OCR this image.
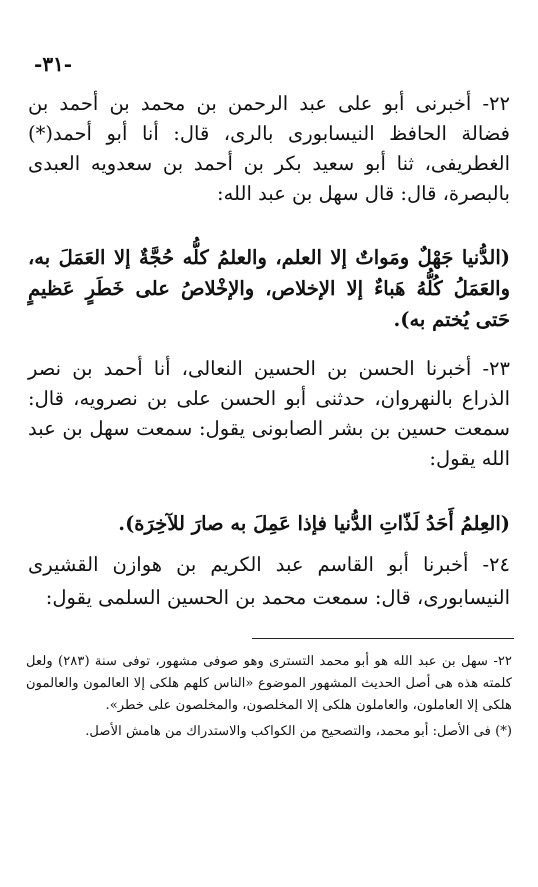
-٣١-

٢٢- أخبرنى أبو على عبد الرحمن بن محمد بن أحمد بن فضالة الحافظ النيسابورى بالرى، قال: أنا أبو أحمد(*) الغطريفى، ثنا أبو سعيد بكر بن أحمد بن سعدويه العبدى بالبصرة، قال: قال سهل بن عبد الله:

(الدُّنيا جَهْلٌ ومَواتٌ إلا العلم، والعلمُ كلُّه حُجَّةٌ إلا العَمَلَ به، والعَمَلُ كُلُّهُ هَباءٌ إلا الإخلاص، والإخْلاصُ على خَطَرٍ عَظيمٍ حَتى يُختم به).

٢٣- أخبرنا الحسن بن الحسين النعالى، أنا أحمد بن نصر الذراع بالنهروان، حدثنى أبو الحسن على بن نصرويه، قال: سمعت حسين بن بشر الصابونى يقول: سمعت سهل بن عبد الله يقول:

(العِلمُ أَحَدُ لَذّاتِ الدُّنيا فإذا عَمِلَ به صارَ للآخِرَة).

٢٤- أخبرنا أبو القاسم عبد الكريم بن هوازن القشيرى النيسابورى، قال: سمعت محمد بن الحسين السلمى يقول:

٢٢- سهل بن عبد الله هو أبو محمد التسترى وهو صوفى مشهور، توفى سنة (٢٨٣) ولعل كلمته هذه هى أصل الحديث المشهور الموضوع «الناس كلهم هلكى إلا العالمون والعالمون هلكى إلا العاملون، والعاملون هلكى إلا المخلصون، والمخلصون على خطر».

(*) فى الأصل: أبو محمد، والتصحيح من الكواكب والاستدراك من هامش الأصل.
